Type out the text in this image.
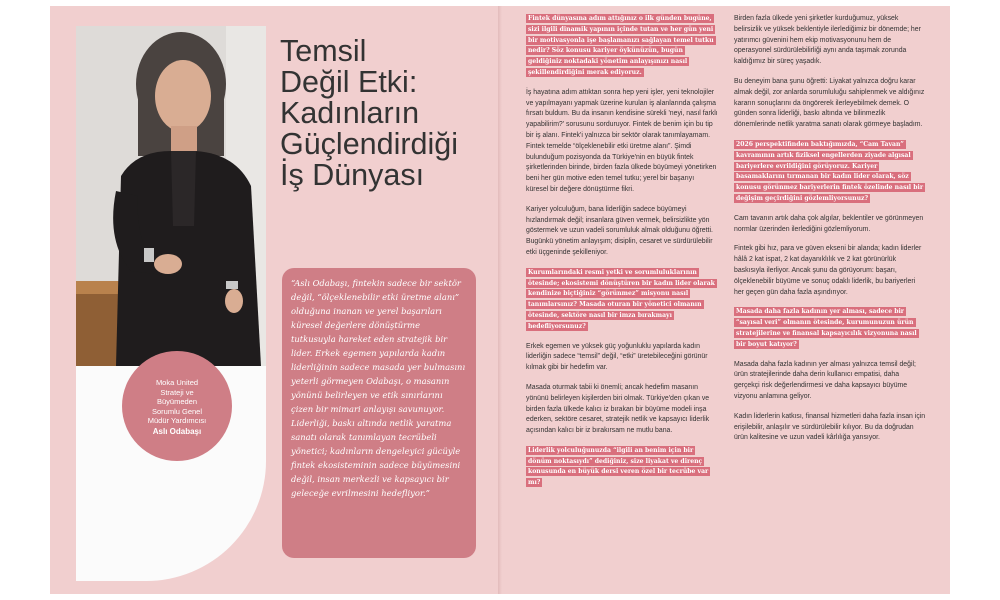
Moka United
Strateji ve
Büyümeden
Sorumlu Genel
Müdür Yardımcısı
Aslı Odabaşı
Temsil
Değil Etki:
Kadınların
Güçlendirdiği
İş Dünyası
“Aslı Odabaşı, fintekin sadece bir sektör değil, “ölçeklenebilir etki üretme alanı” olduğuna inanan ve yerel başarıları küresel değerlere dönüştürme tutkusuyla hareket eden stratejik bir lider. Erkek egemen yapılarda kadın liderliğinin sadece masada yer bulmasını yeterli görmeyen Odabaşı, o masanın yönünü belirleyen ve etik sınırlarını çizen bir mimari anlayışı savunuyor. Liderliği, baskı altında netlik yaratma sanatı olarak tanımlayan tecrübeli yönetici; kadınların dengeleyici gücüyle fintek ekosisteminin sadece büyümesini değil, insan merkezli ve kapsayıcı bir geleceğe evrilmesini hedefliyor.”

Fintek dünyasına adım attığınız o ilk günden bugüne, sizi ilgili dinamik yapının içinde tutan ve her gün yeni bir motivasyonla işe başlamanızı sağlayan temel tutku nedir? Söz konusu kariyer öykünüzün, bugün geldiğiniz noktadaki yönetim anlayışınızı nasıl şekillendirdiğini merak ediyoruz.

İş hayatına adım attıktan sonra hep yeni işler, yeni teknolojiler ve yapılmayanı yapmak üzerine kurulan iş alanlarında çalışma fırsatı buldum. Bu da insanın kendisine sürekli 'neyi, nasıl farklı yapabilirim?' sorusunu sorduruyor. Fintek de benim için bu tip bir iş alanı. Fintek'i yalnızca bir sektör olarak tanımlayamam. Fintek temelde “ölçeklenebilir etki üretme alanı”. Şimdi bulunduğum pozisyonda da Türkiye'nin en büyük fintek şirketlerinden birinde, birden fazla ülkede büyümeyi yönetirken beni her gün motive eden temel tutku; yerel bir başarıyı küresel bir değere dönüştürme fikri.

Kariyer yolculuğum, bana liderliğin sadece büyümeyi hızlandırmak değil; insanlara güven vermek, belirsizlikte yön göstermek ve uzun vadeli sorumluluk almak olduğunu öğretti. Bugünkü yönetim anlayışım; disiplin, cesaret ve sürdürülebilir etki üçgeninde şekilleniyor.

Kurumlarındaki resmi yetki ve sorumluluklarının ötesinde; ekosistemi dönüştüren bir kadın lider olarak kendinize biçtiğiniz “görünmez” misyonu nasıl tanımlarsınız? Masada oturan bir yönetici olmanın ötesinde, sektöre nasıl bir imza bırakmayı hedefliyorsunuz?

Erkek egemen ve yüksek güç yoğunluklu yapılarda kadın liderliğin sadece “temsil” değil, “etki” üretebileceğini görünür kılmak gibi bir hedefim var.

Masada oturmak tabii ki önemli; ancak hedefim masanın yönünü belirleyen kişilerden biri olmak. Türkiye'den çıkan ve birden fazla ülkede kalıcı iz bırakan bir büyüme modeli inşa ederken, sektöre cesaret, stratejik netlik ve kapsayıcı liderlik açısından kalıcı bir iz bırakırsam ne mutlu bana.

Liderlik yolculuğunuzda “ilgili an benim için bir dönüm noktasıydı” dediğiniz, size liyakat ve direnç konusunda en büyük dersi veren özel bir tecrübe var mı?

Birden fazla ülkede yeni şirketler kurduğumuz, yüksek belirsizlik ve yüksek beklentiyle ilerlediğimiz bir dönemde; her yatırımcı güvenini hem ekip motivasyonunu hem de operasyonel sürdürülebilirliği aynı anda taşımak zorunda kaldığımız bir süreç yaşadık.

Bu deneyim bana şunu öğretti: Liyakat yalnızca doğru karar almak değil, zor anlarda sorumluluğu sahiplenmek ve aldığınız kararın sonuçlarını da öngörerek ilerleyebilmek demek. O günden sonra liderliği, baskı altında ve bilinmezlik dönemlerinde netlik yaratma sanatı olarak görmeye başladım.

2026 perspektifinden baktığımızda, “Cam Tavan” kavramının artık fiziksel engellerden ziyade algısal bariyerlere evrildiğini görüyoruz. Kariyer basamaklarını tırmanan bir kadın lider olarak, söz konusu görünmez bariyerlerin fintek özelinde nasıl bir değişim geçirdiğini gözlemliyorsunuz?

Cam tavanın artık daha çok algılar, beklentiler ve görünmeyen normlar üzerinden ilerlediğini gözlemliyorum.

Fintek gibi hız, para ve güven ekseni bir alanda; kadın liderler hâlâ 2 kat ispat, 2 kat dayanıklılık ve 2 kat görünürlük baskısıyla ilerliyor. Ancak şunu da görüyorum: başarı, ölçeklenebilir büyüme ve sonuç odaklı liderlik, bu bariyerleri her geçen gün daha fazla aşındırıyor.

Masada daha fazla kadının yer alması, sadece bir “sayısal veri” olmanın ötesinde, kurumunuzun ürün stratejilerine ve finansal kapsayıcılık vizyonuna nasıl bir boyut katıyor?

Masada daha fazla kadının yer alması yalnızca temsil değil; ürün stratejilerinde daha derin kullanıcı empatisi, daha gerçekçi risk değerlendirmesi ve daha kapsayıcı büyüme vizyonu anlamına geliyor.

Kadın liderlerin katkısı, finansal hizmetleri daha fazla insan için erişilebilir, anlaşılır ve sürdürülebilir kılıyor. Bu da doğrudan ürün kalitesine ve uzun vadeli kârlılığa yansıyor.
